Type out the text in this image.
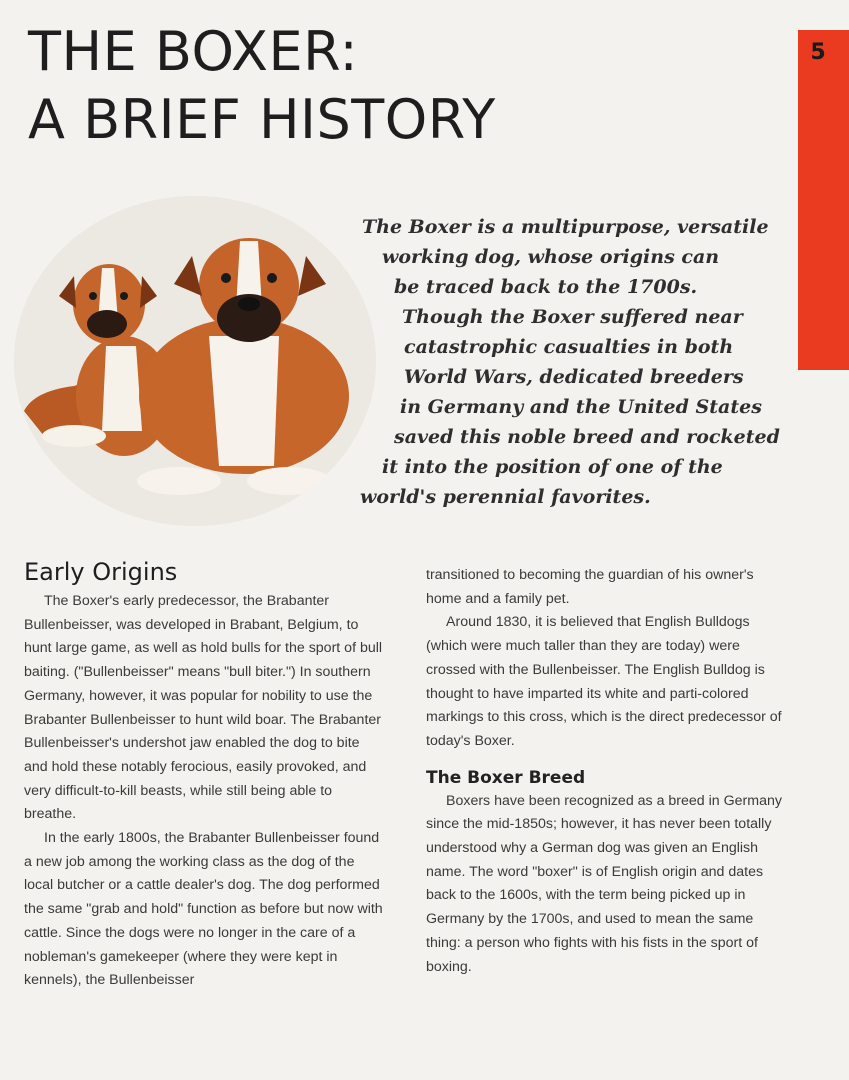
THE BOXER:
A BRIEF HISTORY
5
The Boxer is a multipurpose, versatile
working dog, whose origins can
be traced back to the 1700s.
Though the Boxer suffered near
catastrophic casualties in both
World Wars, dedicated breeders
in Germany and the United States
saved this noble breed and rocketed
it into the position of one of the
world's perennial favorites.
Early Origins

The Boxer's early predecessor, the Brabanter Bullenbeisser, was developed in Brabant, Belgium, to hunt large game, as well as hold bulls for the sport of bull baiting. ("Bullenbeisser" means "bull biter.") In southern Germany, however, it was popular for nobility to use the Brabanter Bullenbeisser to hunt wild boar. The Brabanter Bullenbeisser's undershot jaw enabled the dog to bite and hold these notably ferocious, easily provoked, and very difficult-to-kill beasts, while still being able to breathe.

In the early 1800s, the Brabanter Bullenbeisser found a new job among the working class as the dog of the local butcher or a cattle dealer's dog. The dog performed the same "grab and hold" function as before but now with cattle. Since the dogs were no longer in the care of a nobleman's gamekeeper (where they were kept in kennels), the Bullenbeisser

transitioned to becoming the guardian of his owner's home and a family pet.

Around 1830, it is believed that English Bulldogs (which were much taller than they are today) were crossed with the Bullenbeisser. The English Bulldog is thought to have imparted its white and parti-colored markings to this cross, which is the direct predecessor of today's Boxer.

The Boxer Breed

Boxers have been recognized as a breed in Germany since the mid-1850s; however, it has never been totally understood why a German dog was given an English name. The word "boxer" is of English origin and dates back to the 1600s, with the term being picked up in Germany by the 1700s, and used to mean the same thing: a person who fights with his fists in the sport of boxing.
